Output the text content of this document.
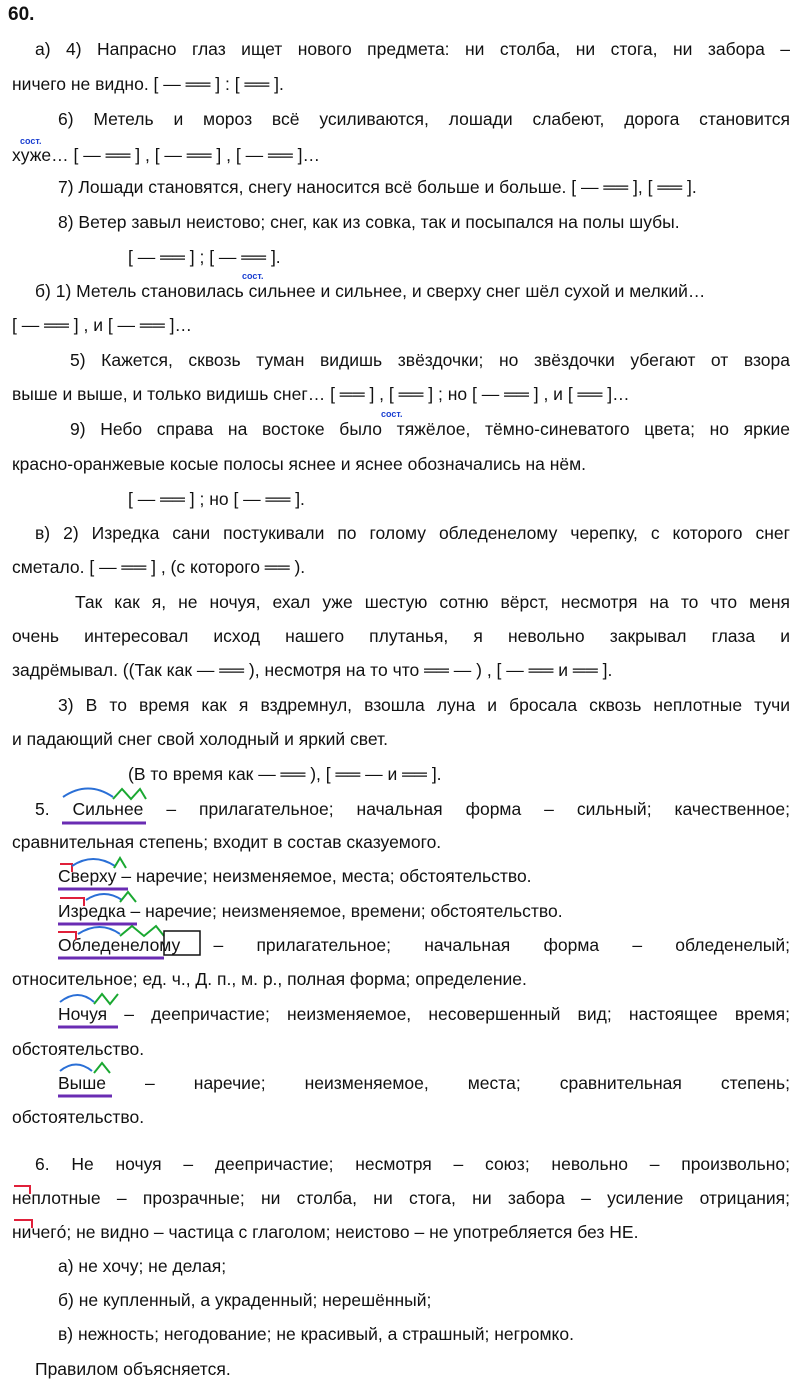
60.
а) 4) Напрасно глаз ищет нового предмета: ни столба, ни стога, ни забора –
ничего не видно. [ — ══ ] : [ ══ ].
6) Метель и мороз всё усиливаются, лошади слабеют, дорога становится
сост.
хуже… [ — ══ ] , [ — ══ ] , [ — ══ ]…
7) Лошади становятся, снегу наносится всё больше и больше. [ — ══ ], [ ══ ].
8) Ветер завыл неистово; снег, как из совка, так и посыпался на полы шубы.
[ — ══ ] ; [ — ══ ].
сост.
б) 1) Метель становилась сильнее и сильнее, и сверху снег шёл сухой и мелкий…
[ — ══ ] , и [ — ══ ]…
5) Кажется, сквозь туман видишь звёздочки; но звёздочки убегают от взора
выше и выше, и только видишь снег… [ ══ ] , [ ══ ] ; но [ — ══ ] , и [ ══ ]…
сост.
9) Небо справа на востоке было тяжёлое, тёмно-синеватого цвета; но яркие
красно-оранжевые косые полосы яснее и яснее обозначались на нём.
[ — ══ ] ; но [ — ══ ].
в) 2) Изредка сани постукивали по голому обледенелому черепку, с которого снег
сметало. [ — ══ ] , (с которого ══ ).
Так как я, не ночуя, ехал уже шестую сотню вёрст, несмотря на то что меня
очень интересовал исход нашего плутанья, я невольно закрывал глаза и
задрёмывал. ((Так как — ══ ), несмотря на то что ══ — ) , [ — ══ и ══ ].
3) В то время как я вздремнул, взошла луна и бросала сквозь неплотные тучи
и падающий снег свой холодный и яркий свет.
(В то время как — ══ ), [ ══ — и ══ ].
5. Сильнее – прилагательное; начальная форма – сильный; качественное;
сравнительная степень; входит в состав сказуемого.
Сверху – наречие; неизменяемое, места; обстоятельство.
Изредка – наречие; неизменяемое, времени; обстоятельство.
Обледенелому – прилагательное; начальная форма – обледенелый;
относительное; ед. ч., Д. п., м. р., полная форма; определение.
Ночуя – деепричастие; неизменяемое, несовершенный вид; настоящее время;
обстоятельство.
Выше – наречие; неизменяемое, места; сравнительная степень;
обстоятельство.
6. Не ночуя – деепричастие; несмотря – союз; невольно – произвольно;
неплотные – прозрачные; ни столба, ни стога, ни забора – усиление отрицания;
ничегó; не видно – частица с глаголом; неистово – не употребляется без НЕ.
а) не хочу; не делая;
б) не купленный, а украденный; нерешённый;
в) нежность; негодование; не красивый, а страшный; негромко.
Правилом объясняется.
